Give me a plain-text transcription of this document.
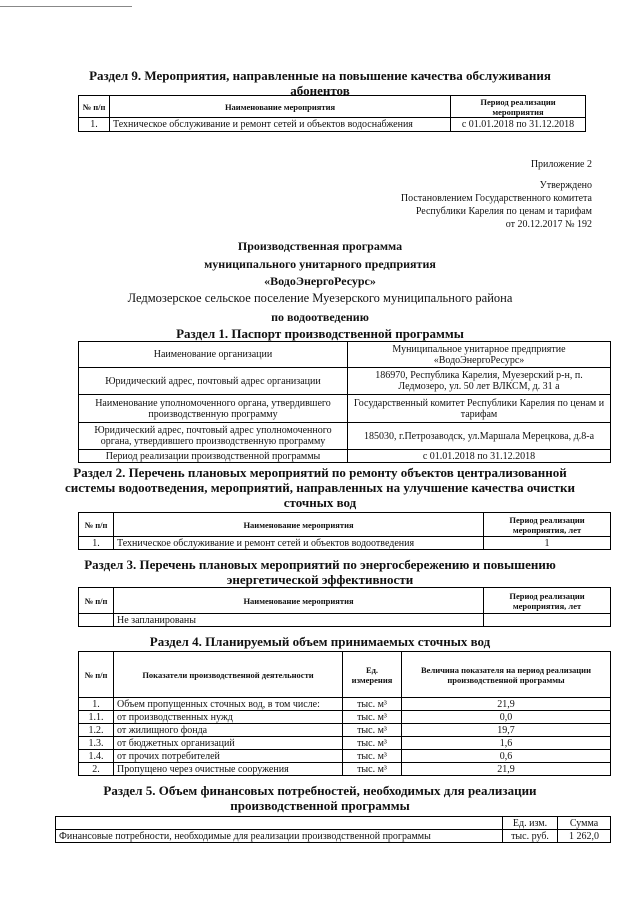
Раздел 9. Мероприятия, направленные на повышение качества обслуживания
абонентов
№ п/п	Наименование мероприятия	Период реализации мероприятия
1.	Техническое обслуживание и ремонт сетей и объектов водоснабжения	с 01.01.2018 по 31.12.2018
Приложение 2
Утверждено
Постановлением Государственного комитета
Республики Карелия по ценам и тарифам
от 20.12.2017 № 192
Производственная программа
муниципального унитарного предприятия
«ВодоЭнергоРесурс»
Ледмозерское сельское поселение Муезерского муниципального района
по водоотведению
Раздел 1. Паспорт производственной программы
Наименование организации	Муниципальное унитарное предприятие «ВодоЭнергоРесурс»
Юридический адрес, почтовый адрес организации	186970, Республика Карелия, Муезерский р-н, п. Ледмозеро, ул. 50 лет ВЛКСМ, д. 31 а
Наименование уполномоченного органа, утвердившего производственную программу	Государственный комитет Республики Карелия по ценам и тарифам
Юридический адрес, почтовый адрес уполномоченного органа, утвердившего производственную программу	185030, г.Петрозаводск, ул.Маршала Мерецкова, д.8-а
Период реализации производственной программы	с 01.01.2018 по 31.12.2018
Раздел 2. Перечень плановых мероприятий по ремонту объектов централизованной
системы водоотведения, мероприятий, направленных на улучшение качества очистки
сточных вод
№ п/п	Наименование мероприятия	Период реализации мероприятия, лет
1.	Техническое обслуживание и ремонт сетей и объектов водоотведения	1
Раздел 3. Перечень плановых мероприятий по энергосбережению и повышению
энергетической эффективности
№ п/п	Наименование мероприятия	Период реализации мероприятия, лет
	Не запланированы	
Раздел 4. Планируемый объем принимаемых сточных вод
№ п/п	Показатели производственной деятельности	Ед. измерения	Величина показателя на период реализации производственной программы
1.	Объем пропущенных сточных вод, в том числе:	тыс. м³	21,9
1.1.	от производственных нужд	тыс. м³	0,0
1.2.	от жилищного фонда	тыс. м³	19,7
1.3.	от бюджетных организаций	тыс. м³	1,6
1.4.	от прочих потребителей	тыс. м³	0,6
2.	Пропущено через очистные сооружения	тыс. м³	21,9
Раздел 5. Объем финансовых потребностей, необходимых для реализации
производственной программы
	Ед. изм.	Сумма
Финансовые потребности, необходимые для реализации производственной программы	тыс. руб.	1 262,0
